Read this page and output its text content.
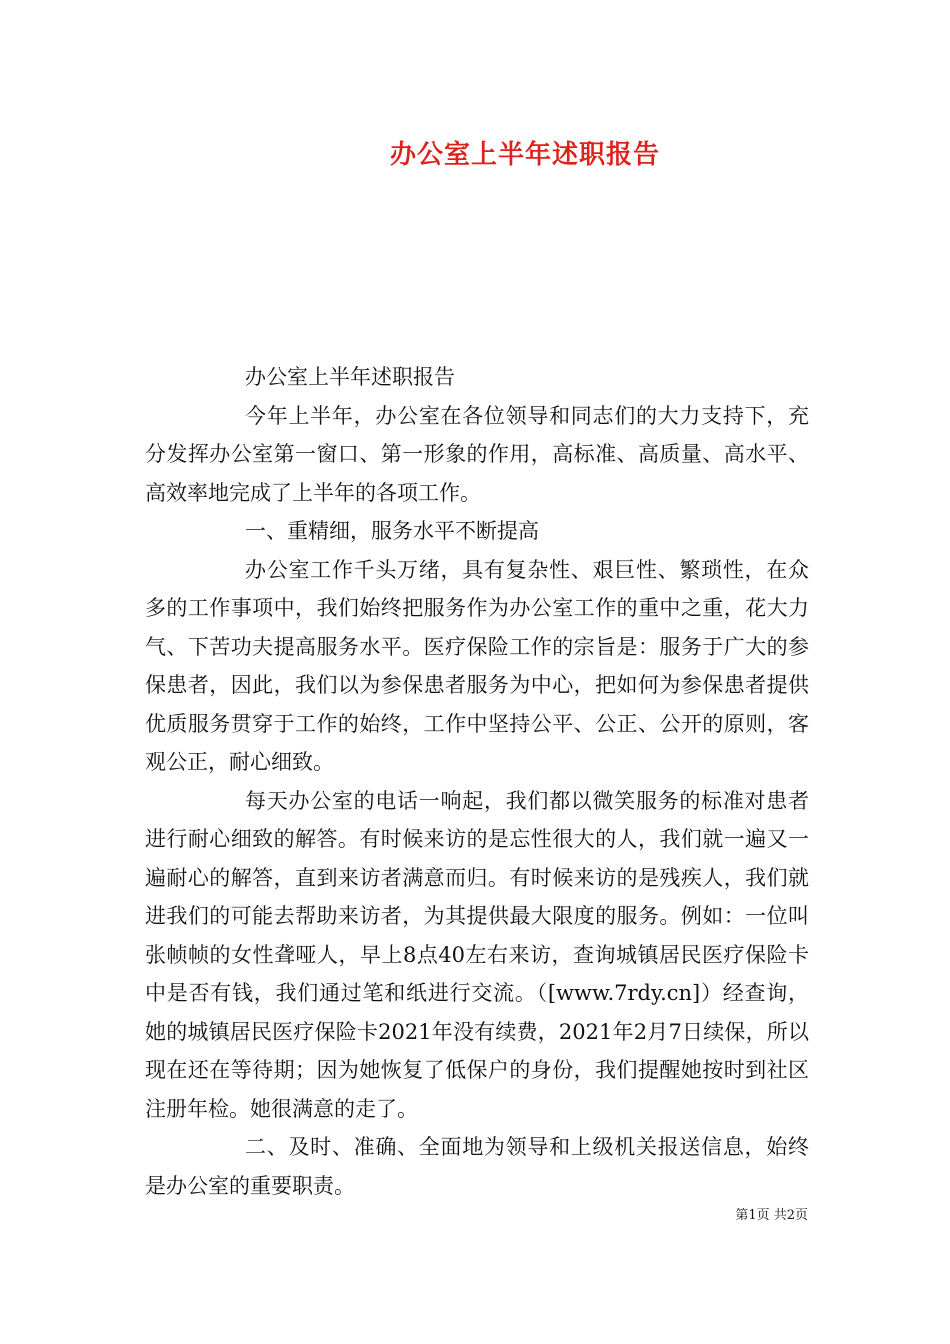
办公室上半年述职报告

办公室上半年述职报告

今年上半年，办公室在各位领导和同志们的大力支持下，充分发挥办公室第一窗口、第一形象的作用，高标准、高质量、高水平、高效率地完成了上半年的各项工作。

一、重精细，服务水平不断提高

办公室工作千头万绪，具有复杂性、艰巨性、繁琐性，在众多的工作事项中，我们始终把服务作为办公室工作的重中之重，花大力气、下苦功夫提高服务水平。医疗保险工作的宗旨是：服务于广大的参保患者，因此，我们以为参保患者服务为中心，把如何为参保患者提供优质服务贯穿于工作的始终，工作中坚持公平、公正、公开的原则，客观公正，耐心细致。

每天办公室的电话一响起，我们都以微笑服务的标准对患者进行耐心细致的解答。有时候来访的是忘性很大的人，我们就一遍又一遍耐心的解答，直到来访者满意而归。有时候来访的是残疾人，我们就进我们的可能去帮助来访者，为其提供最大限度的服务。例如：一位叫张帧帧的女性聋哑人，早上8点40左右来访，查询城镇居民医疗保险卡中是否有钱，我们通过笔和纸进行交流。（[www.7rdy.cn]）经查询，她的城镇居民医疗保险卡2021年没有续费，2021年2月7日续保，所以现在还在等待期；因为她恢复了低保户的身份，我们提醒她按时到社区注册年检。她很满意的走了。

二、及时、准确、全面地为领导和上级机关报送信息，始终是办公室的重要职责。

第1页 共2页
